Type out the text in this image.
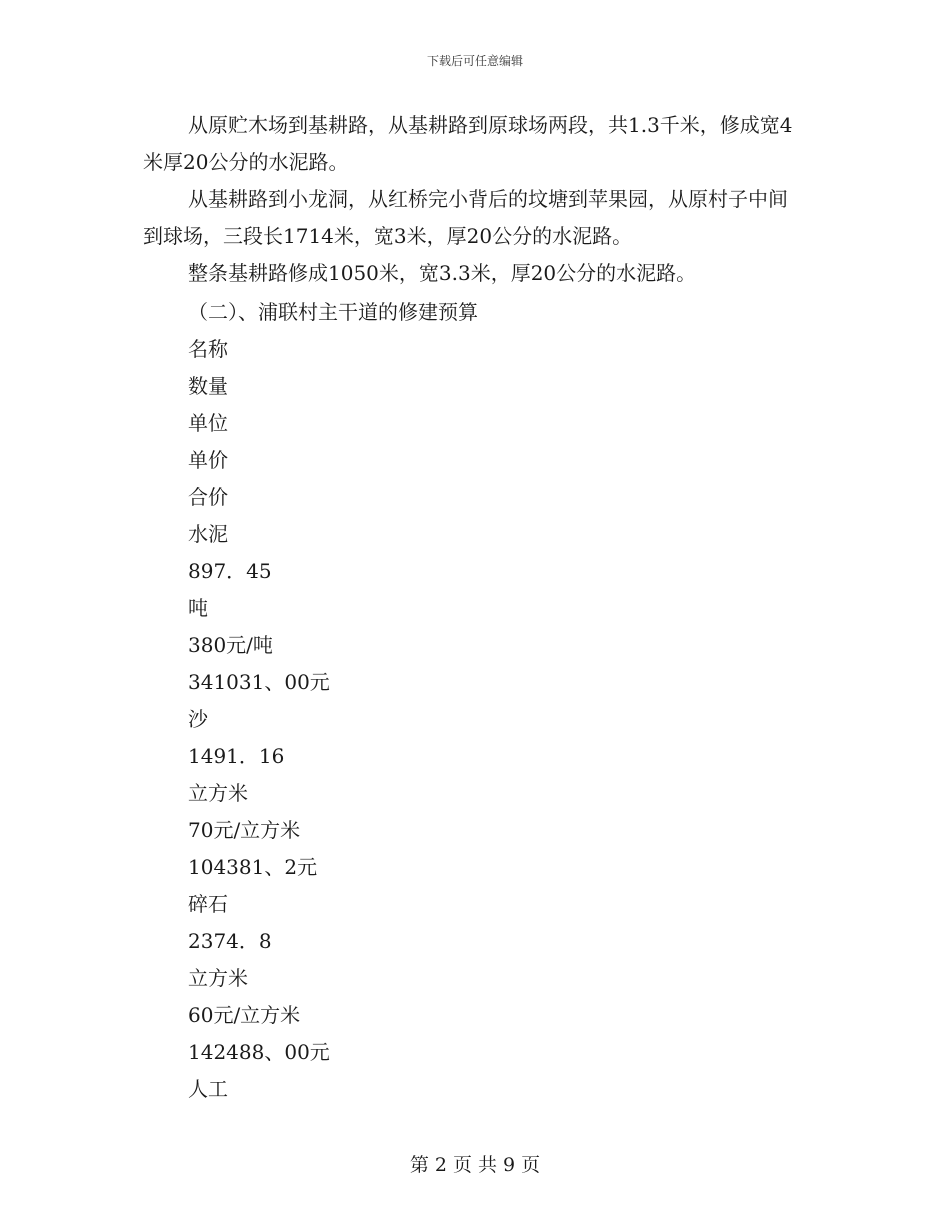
下载后可任意编辑

从原贮木场到基耕路，从基耕路到原球场两段，共1.3千米，修成宽4米厚20公分的水泥路。

从基耕路到小龙洞，从红桥完小背后的坟塘到苹果园，从原村子中间到球场，三段长1714米，宽3米，厚20公分的水泥路。

整条基耕路修成1050米，宽3.3米，厚20公分的水泥路。

（二）、浦联村主干道的修建预算
名称
数量
单位
单价
合价
水泥
897．45
吨
380元/吨
341031、00元
沙
1491．16
立方米
70元/立方米
104381、2元
碎石
2374．8
立方米
60元/立方米
142488、00元
人工
第 2 页 共 9 页
